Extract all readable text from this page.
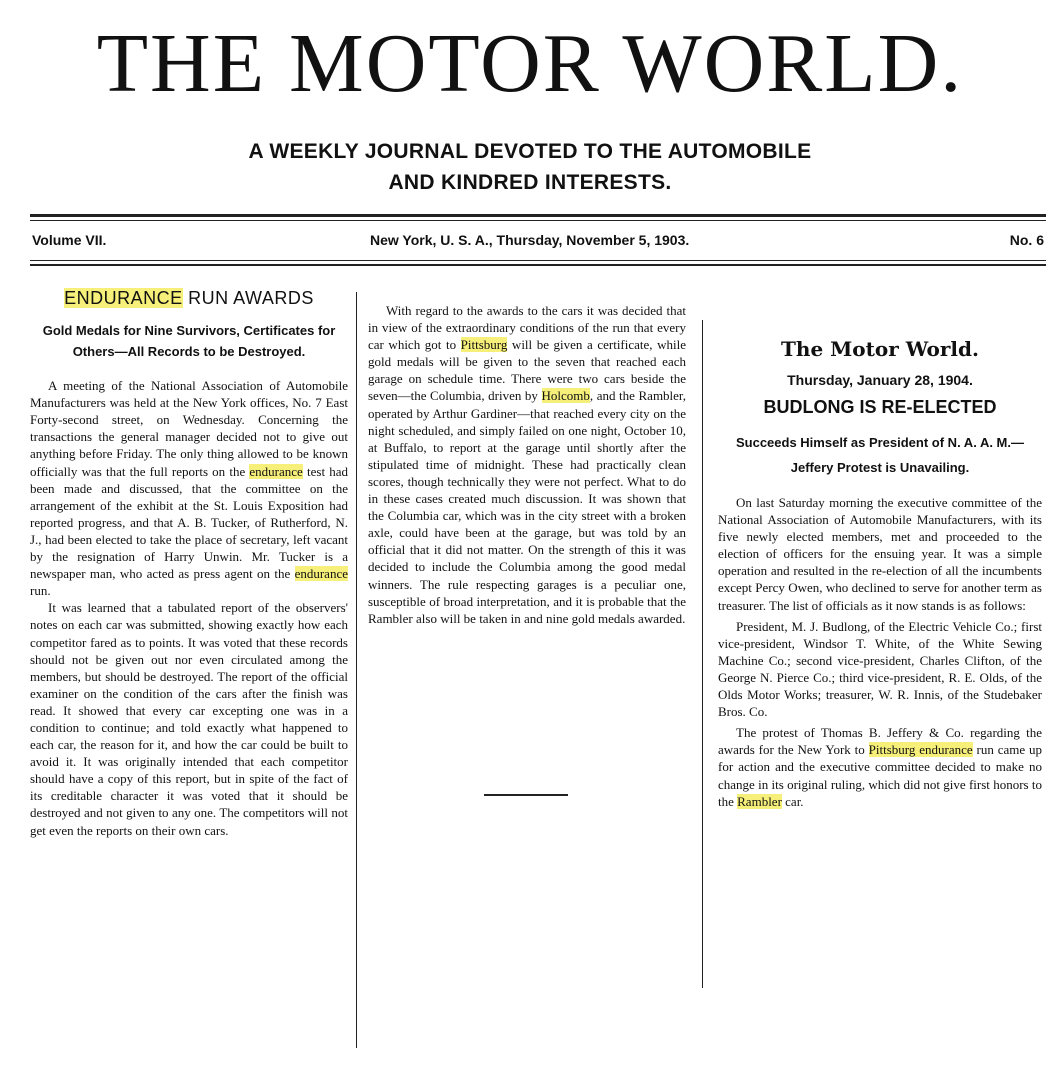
THE MOTOR WORLD.
A WEEKLY JOURNAL DEVOTED TO THE AUTOMOBILE
AND KINDRED INTERESTS.
Volume VII.	New York, U. S. A., Thursday, November 5, 1903.	No. 6
ENDURANCE RUN AWARDS
Gold Medals for Nine Survivors, Certificates for Others—All Records to be Destroyed.

A meeting of the National Association of Automobile Manufacturers was held at the New York offices, No. 7 East Forty-second street, on Wednesday. Concerning the transactions the general manager decided not to give out anything before Friday. The only thing allowed to be known officially was that the full reports on the endurance test had been made and discussed, that the committee on the arrangement of the exhibit at the St. Louis Exposition had reported progress, and that A. B. Tucker, of Rutherford, N. J., had been elected to take the place of secretary, left vacant by the resignation of Harry Unwin. Mr. Tucker is a newspaper man, who acted as press agent on the endurance run.

It was learned that a tabulated report of the observers' notes on each car was submitted, showing exactly how each competitor fared as to points. It was voted that these records should not be given out nor even circulated among the members, but should be destroyed. The report of the official examiner on the condition of the cars after the finish was read. It showed that every car excepting one was in a condition to continue; and told exactly what happened to each car, the reason for it, and how the car could be built to avoid it. It was originally intended that each competitor should have a copy of this report, but in spite of the fact of its creditable character it was voted that it should be destroyed and not given to any one. The competitors will not get even the reports on their own cars.

With regard to the awards to the cars it was decided that in view of the extraordinary conditions of the run that every car which got to Pittsburg will be given a certificate, while gold medals will be given to the seven that reached each garage on schedule time. There were two cars beside the seven—the Columbia, driven by Holcomb, and the Rambler, operated by Arthur Gardiner—that reached every city on the night scheduled, and simply failed on one night, October 10, at Buffalo, to report at the garage until shortly after the stipulated time of midnight. These had practically clean scores, though technically they were not perfect. What to do in these cases created much discussion. It was shown that the Columbia car, which was in the city street with a broken axle, could have been at the garage, but was told by an official that it did not matter. On the strength of this it was decided to include the Columbia among the good medal winners. The rule respecting garages is a peculiar one, susceptible of broad interpretation, and it is probable that the Rambler also will be taken in and nine gold medals awarded.

The Motor World.
Thursday, January 28, 1904.
BUDLONG IS RE-ELECTED
Succeeds Himself as President of N. A. A. M.—Jeffery Protest is Unavailing.

On last Saturday morning the executive committee of the National Association of Automobile Manufacturers, with its five newly elected members, met and proceeded to the election of officers for the ensuing year. It was a simple operation and resulted in the re-election of all the incumbents except Percy Owen, who declined to serve for another term as treasurer. The list of officials as it now stands is as follows:

President, M. J. Budlong, of the Electric Vehicle Co.; first vice-president, Windsor T. White, of the White Sewing Machine Co.; second vice-president, Charles Clifton, of the George N. Pierce Co.; third vice-president, R. E. Olds, of the Olds Motor Works; treasurer, W. R. Innis, of the Studebaker Bros. Co.

The protest of Thomas B. Jeffery & Co. regarding the awards for the New York to Pittsburg endurance run came up for action and the executive committee decided to make no change in its original ruling, which did not give first honors to the Rambler car.
